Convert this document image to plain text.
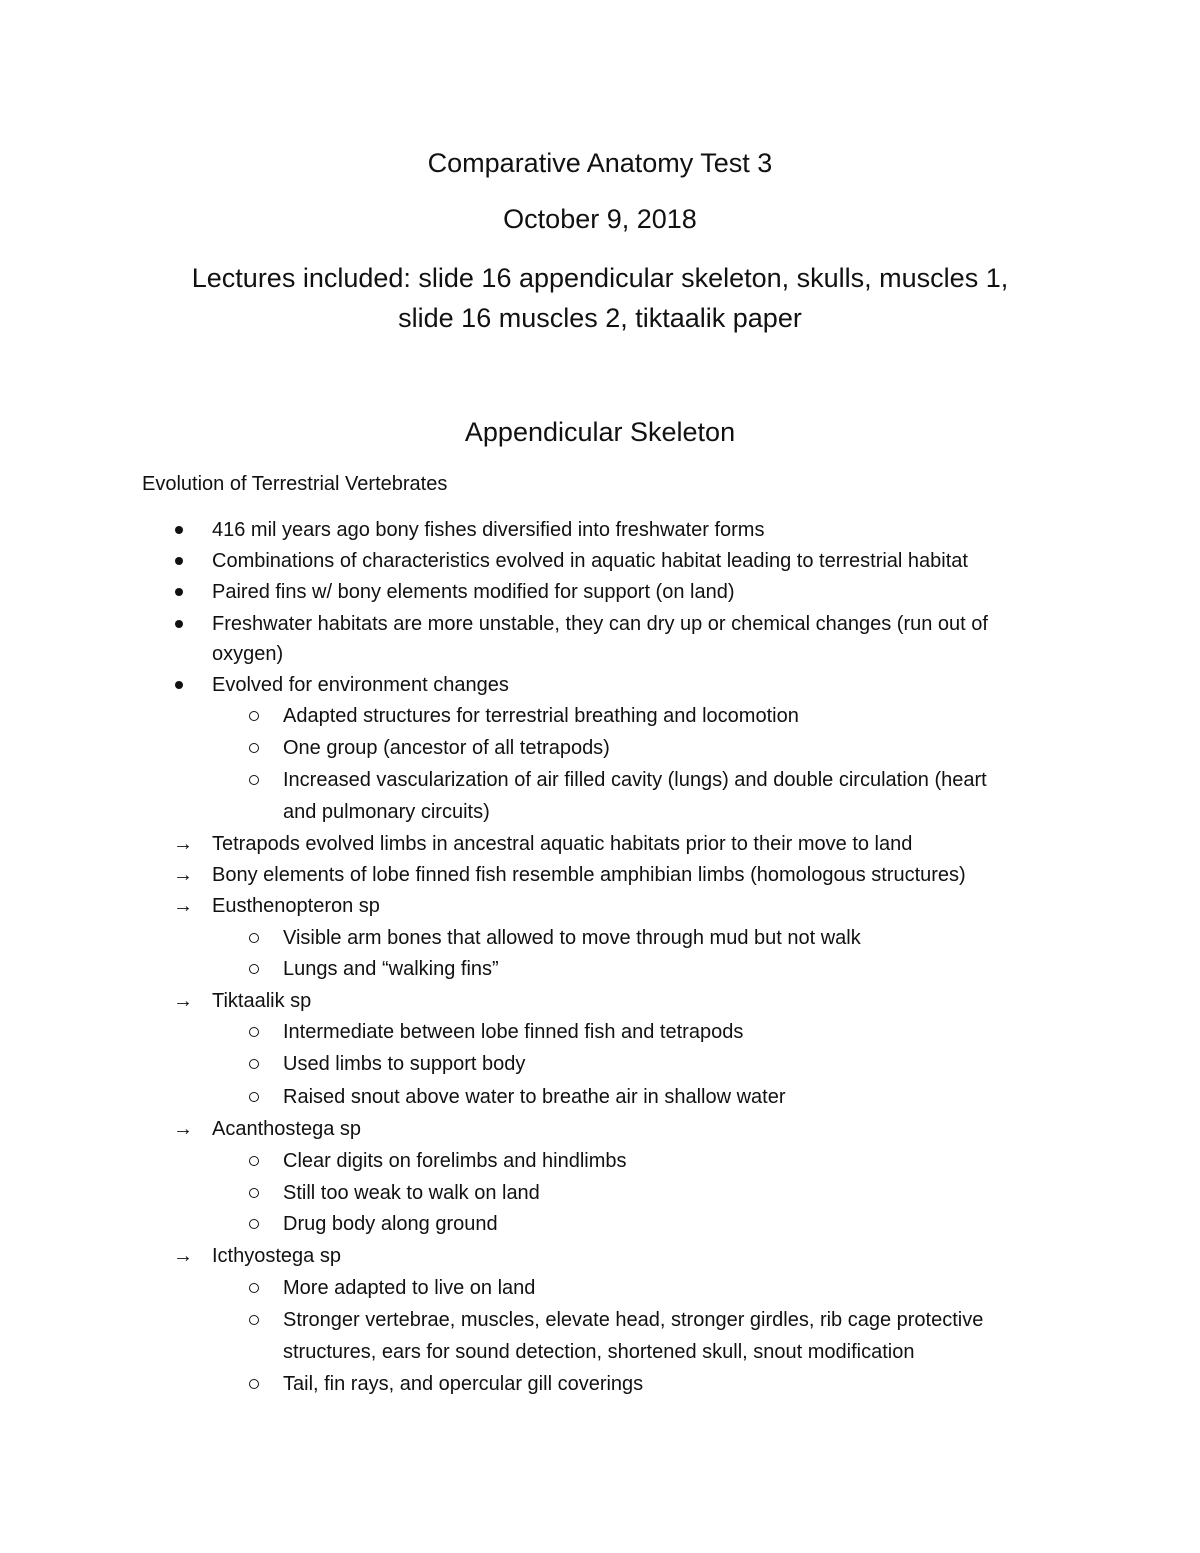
Comparative Anatomy Test 3
October 9, 2018
Lectures included: slide 16 appendicular skeleton, skulls, muscles 1,
slide 16 muscles 2, tiktaalik paper
Appendicular Skeleton
Evolution of Terrestrial Vertebrates
416 mil years ago bony fishes diversified into freshwater forms
Combinations of characteristics evolved in aquatic habitat leading to terrestrial habitat
Paired fins w/ bony elements modified for support (on land)
Freshwater habitats are more unstable, they can dry up or chemical changes (run out of
oxygen)
Evolved for environment changes
Adapted structures for terrestrial breathing and locomotion
One group (ancestor of all tetrapods)
Increased vascularization of air filled cavity (lungs) and double circulation (heart
and pulmonary circuits)
→ Tetrapods evolved limbs in ancestral aquatic habitats prior to their move to land
→ Bony elements of lobe finned fish resemble amphibian limbs (homologous structures)
→ Eusthenopteron sp
Visible arm bones that allowed to move through mud but not walk
Lungs and “walking fins”
→ Tiktaalik sp
Intermediate between lobe finned fish and tetrapods
Used limbs to support body
Raised snout above water to breathe air in shallow water
→ Acanthostega sp
Clear digits on forelimbs and hindlimbs
Still too weak to walk on land
Drug body along ground
→ Icthyostega sp
More adapted to live on land
Stronger vertebrae, muscles, elevate head, stronger girdles, rib cage protective
structures, ears for sound detection, shortened skull, snout modification
Tail, fin rays, and opercular gill coverings
